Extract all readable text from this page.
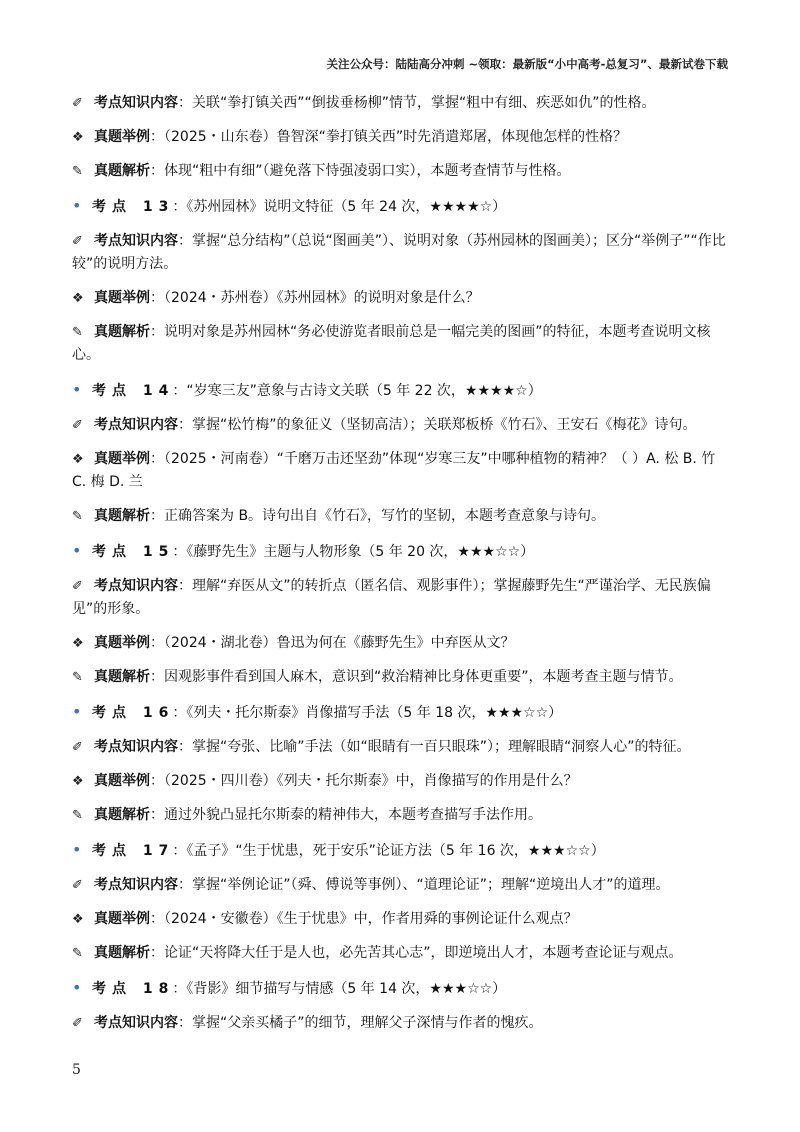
关注公众号：陆陆高分冲刺 ~领取：最新版“小中高考-总复习”、最新试卷下载

✐ 考点知识内容：关联“拳打镇关西”“倒拔垂杨柳”情节，掌握“粗中有细、疾恶如仇”的性格。

❖ 真题举例：（2025・山东卷）鲁智深“拳打镇关西”时先消遣郑屠，体现他怎样的性格？

✎ 真题解析：体现“粗中有细”（避免落下恃强凌弱口实），本题考查情节与性格。

• 考点 13：《苏州园林》说明文特征（5 年 24 次，★★★★☆）

✐ 考点知识内容：掌握“总分结构”（总说“图画美”）、说明对象（苏州园林的图画美）；区分“举例子”“作比较”的说明方法。

❖ 真题举例：（2024・苏州卷）《苏州园林》的说明对象是什么？

✎ 真题解析：说明对象是苏州园林“务必使游览者眼前总是一幅完美的图画”的特征，本题考查说明文核心。

• 考点 14：“岁寒三友”意象与古诗文关联（5 年 22 次，★★★★☆）

✐ 考点知识内容：掌握“松竹梅”的象征义（坚韧高洁）；关联郑板桥《竹石》、王安石《梅花》诗句。

❖ 真题举例：（2025・河南卷）“千磨万击还坚劲”体现“岁寒三友”中哪种植物的精神？（ ）A. 松 B. 竹 C. 梅 D. 兰

✎ 真题解析：正确答案为 B。诗句出自《竹石》，写竹的坚韧，本题考查意象与诗句。

• 考点 15：《藤野先生》主题与人物形象（5 年 20 次，★★★☆☆）

✐ 考点知识内容：理解“弃医从文”的转折点（匿名信、观影事件）；掌握藤野先生“严谨治学、无民族偏见”的形象。

❖ 真题举例：（2024・湖北卷）鲁迅为何在《藤野先生》中弃医从文？

✎ 真题解析：因观影事件看到国人麻木，意识到“救治精神比身体更重要”，本题考查主题与情节。

• 考点 16：《列夫・托尔斯泰》肖像描写手法（5 年 18 次，★★★☆☆）

✐ 考点知识内容：掌握“夸张、比喻”手法（如“眼睛有一百只眼珠”）；理解眼睛“洞察人心”的特征。

❖ 真题举例：（2025・四川卷）《列夫・托尔斯泰》中，肖像描写的作用是什么？

✎ 真题解析：通过外貌凸显托尔斯泰的精神伟大，本题考查描写手法作用。

• 考点 17：《孟子》“生于忧患，死于安乐”论证方法（5 年 16 次，★★★☆☆）

✐ 考点知识内容：掌握“举例论证”（舜、傅说等事例）、“道理论证”；理解“逆境出人才”的道理。

❖ 真题举例：（2024・安徽卷）《生于忧患》中，作者用舜的事例论证什么观点？

✎ 真题解析：论证“天将降大任于是人也，必先苦其心志”，即逆境出人才，本题考查论证与观点。

• 考点 18：《背影》细节描写与情感（5 年 14 次，★★★☆☆）

✐ 考点知识内容：掌握“父亲买橘子”的细节，理解父子深情与作者的愧疚。

5
